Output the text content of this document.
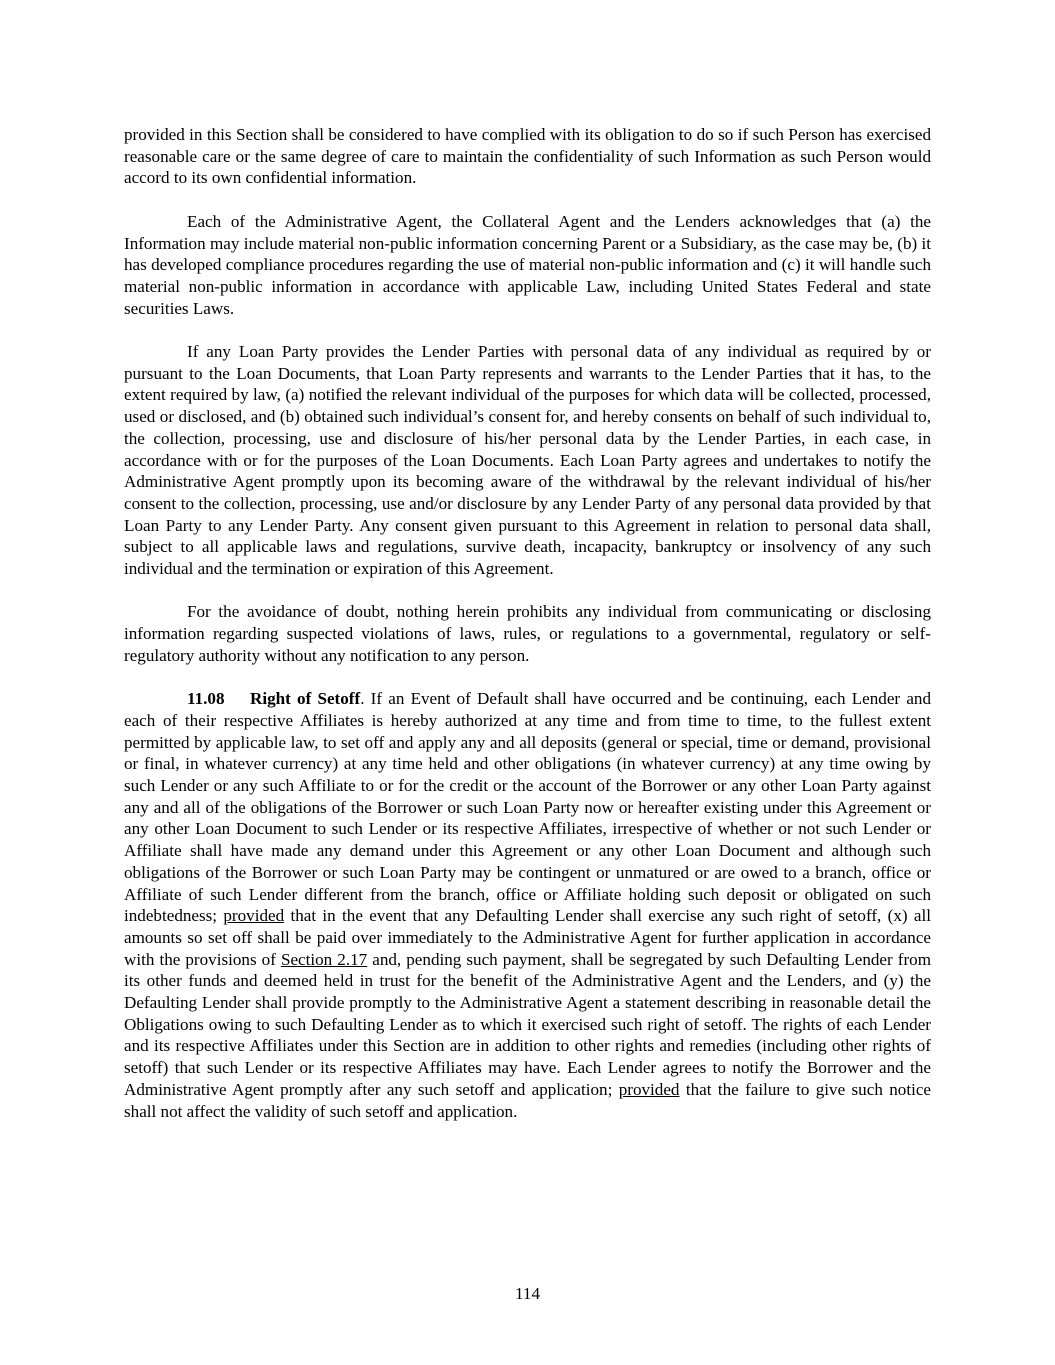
provided in this Section shall be considered to have complied with its obligation to do so if such Person has exercised reasonable care or the same degree of care to maintain the confidentiality of such Information as such Person would accord to its own confidential information.

Each of the Administrative Agent, the Collateral Agent and the Lenders acknowledges that (a) the Information may include material non-public information concerning Parent or a Subsidiary, as the case may be, (b) it has developed compliance procedures regarding the use of material non-public information and (c) it will handle such material non-public information in accordance with applicable Law, including United States Federal and state securities Laws.

If any Loan Party provides the Lender Parties with personal data of any individual as required by or pursuant to the Loan Documents, that Loan Party represents and warrants to the Lender Parties that it has, to the extent required by law, (a) notified the relevant individual of the purposes for which data will be collected, processed, used or disclosed, and (b) obtained such individual’s consent for, and hereby consents on behalf of such individual to, the collection, processing, use and disclosure of his/her personal data by the Lender Parties, in each case, in accordance with or for the purposes of the Loan Documents. Each Loan Party agrees and undertakes to notify the Administrative Agent promptly upon its becoming aware of the withdrawal by the relevant individual of his/her consent to the collection, processing, use and/or disclosure by any Lender Party of any personal data provided by that Loan Party to any Lender Party. Any consent given pursuant to this Agreement in relation to personal data shall, subject to all applicable laws and regulations, survive death, incapacity, bankruptcy or insolvency of any such individual and the termination or expiration of this Agreement.

For the avoidance of doubt, nothing herein prohibits any individual from communicating or disclosing information regarding suspected violations of laws, rules, or regulations to a governmental, regulatory or self-regulatory authority without any notification to any person.

11.08 Right of Setoff. If an Event of Default shall have occurred and be continuing, each Lender and each of their respective Affiliates is hereby authorized at any time and from time to time, to the fullest extent permitted by applicable law, to set off and apply any and all deposits (general or special, time or demand, provisional or final, in whatever currency) at any time held and other obligations (in whatever currency) at any time owing by such Lender or any such Affiliate to or for the credit or the account of the Borrower or any other Loan Party against any and all of the obligations of the Borrower or such Loan Party now or hereafter existing under this Agreement or any other Loan Document to such Lender or its respective Affiliates, irrespective of whether or not such Lender or Affiliate shall have made any demand under this Agreement or any other Loan Document and although such obligations of the Borrower or such Loan Party may be contingent or unmatured or are owed to a branch, office or Affiliate of such Lender different from the branch, office or Affiliate holding such deposit or obligated on such indebtedness; provided that in the event that any Defaulting Lender shall exercise any such right of setoff, (x) all amounts so set off shall be paid over immediately to the Administrative Agent for further application in accordance with the provisions of Section 2.17 and, pending such payment, shall be segregated by such Defaulting Lender from its other funds and deemed held in trust for the benefit of the Administrative Agent and the Lenders, and (y) the Defaulting Lender shall provide promptly to the Administrative Agent a statement describing in reasonable detail the Obligations owing to such Defaulting Lender as to which it exercised such right of setoff. The rights of each Lender and its respective Affiliates under this Section are in addition to other rights and remedies (including other rights of setoff) that such Lender or its respective Affiliates may have. Each Lender agrees to notify the Borrower and the Administrative Agent promptly after any such setoff and application; provided that the failure to give such notice shall not affect the validity of such setoff and application.

114
